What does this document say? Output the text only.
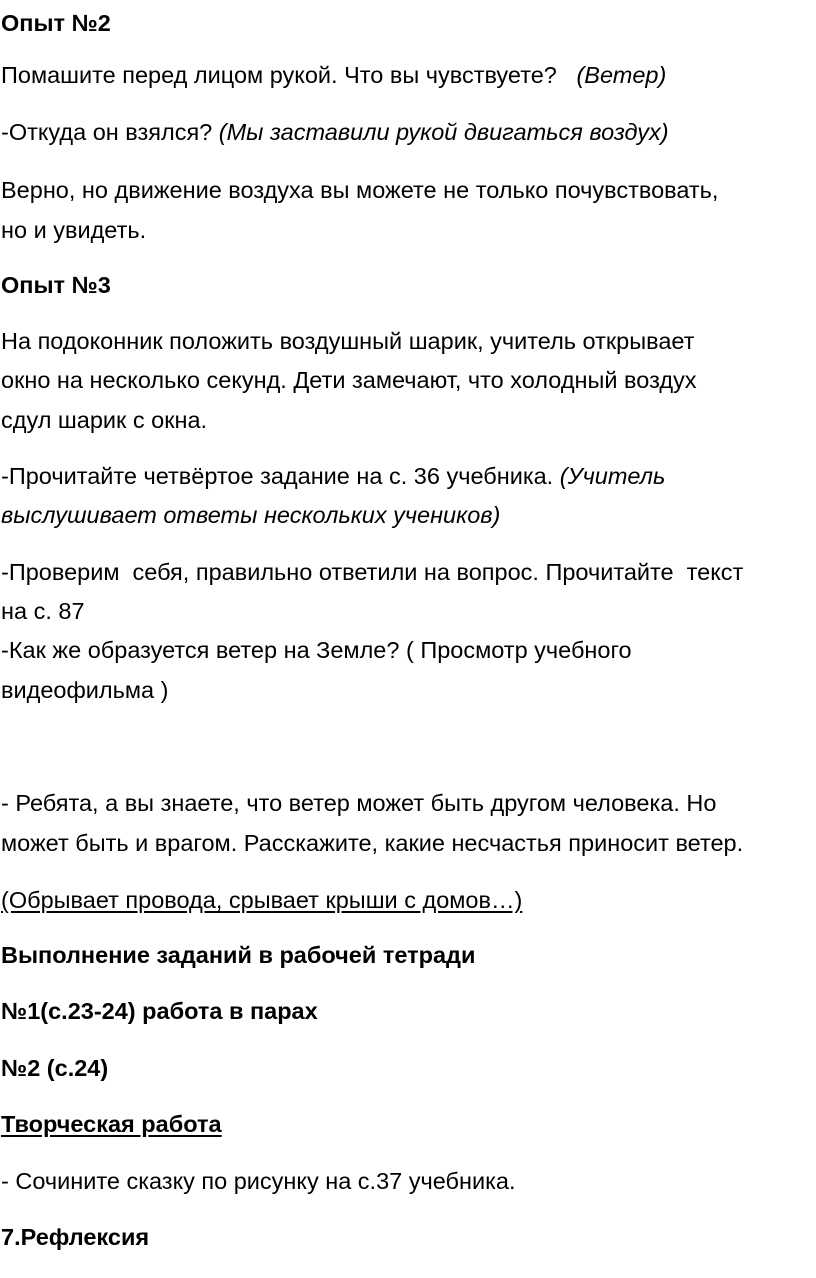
Опыт №2
Помашите перед лицом рукой. Что вы чувствуете?   (Ветер)
-Откуда он взялся? (Мы заставили рукой двигаться воздух)
Верно, но движение воздуха вы можете не только почувствовать,
но и увидеть.
Опыт №3
На подоконник положить воздушный шарик, учитель открывает
окно на несколько секунд. Дети замечают, что холодный воздух
сдул шарик с окна.
-Прочитайте четвёртое задание на с. 36 учебника. (Учитель
выслушивает ответы нескольких учеников)
-Проверим  себя, правильно ответили на вопрос. Прочитайте  текст
на с. 87
-Как же образуется ветер на Земле? ( Просмотр учебного
видеофильма )
- Ребята, а вы знаете, что ветер может быть другом человека. Но
может быть и врагом. Расскажите, какие несчастья приносит ветер.
(Обрывает провода, срывает крыши с домов…)
Выполнение заданий в рабочей тетради
№1(с.23-24) работа в парах
№2 (с.24)
Творческая работа
- Сочините сказку по рисунку на с.37 учебника.
7.Рефлексия
